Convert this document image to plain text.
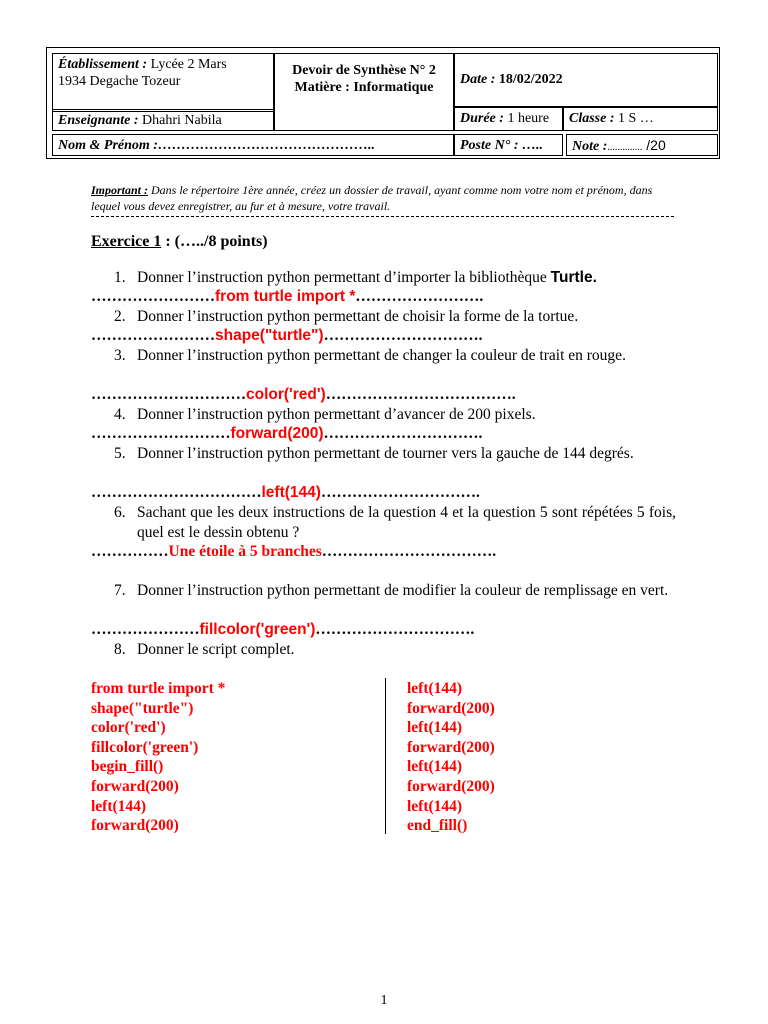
Établissement : Lycée 2 Mars
1934 Degache Tozeur
Devoir de Synthèse N° 2
Matière : Informatique
Date : 18/02/2022
Enseignante : Dhahri Nabila	Durée : 1 heure	Classe : 1 S …
Nom & Prénom :………………………………………..	Poste N° : …..	Note :.............. /20
Important : Dans le répertoire 1ère année, créez un dossier de travail, ayant comme nom votre nom et prénom, dans lequel vous devez enregistrer, au fur et à mesure, votre travail.
Exercice 1 : (…../8 points)
1. Donner l’instruction python permettant d’importer la bibliothèque Turtle.
……………………from turtle import *…………………….
2. Donner l’instruction python permettant de choisir la forme de la tortue.
……………………shape("turtle")………………………….
3. Donner l’instruction python permettant de changer la couleur de trait en rouge.
…………………………color('red')……………………………….
4. Donner l’instruction python permettant d’avancer de 200 pixels.
………………………forward(200)………………………….
5. Donner l’instruction python permettant de tourner vers la gauche de 144 degrés.
……………………………left(144)………………………….
6. Sachant que les deux instructions de la question 4 et la question 5 sont répétées 5 fois, quel est le dessin obtenu ?
……………Une étoile à 5 branches…………………………….
7. Donner l’instruction python permettant de modifier la couleur de remplissage en vert.
…………………fillcolor('green')………………………….
8. Donner le script complet.
from turtle import *
shape("turtle")
color('red')
fillcolor('green')
begin_fill()
forward(200)
left(144)
forward(200)
left(144)
forward(200)
left(144)
forward(200)
left(144)
forward(200)
left(144)
end_fill()
1
